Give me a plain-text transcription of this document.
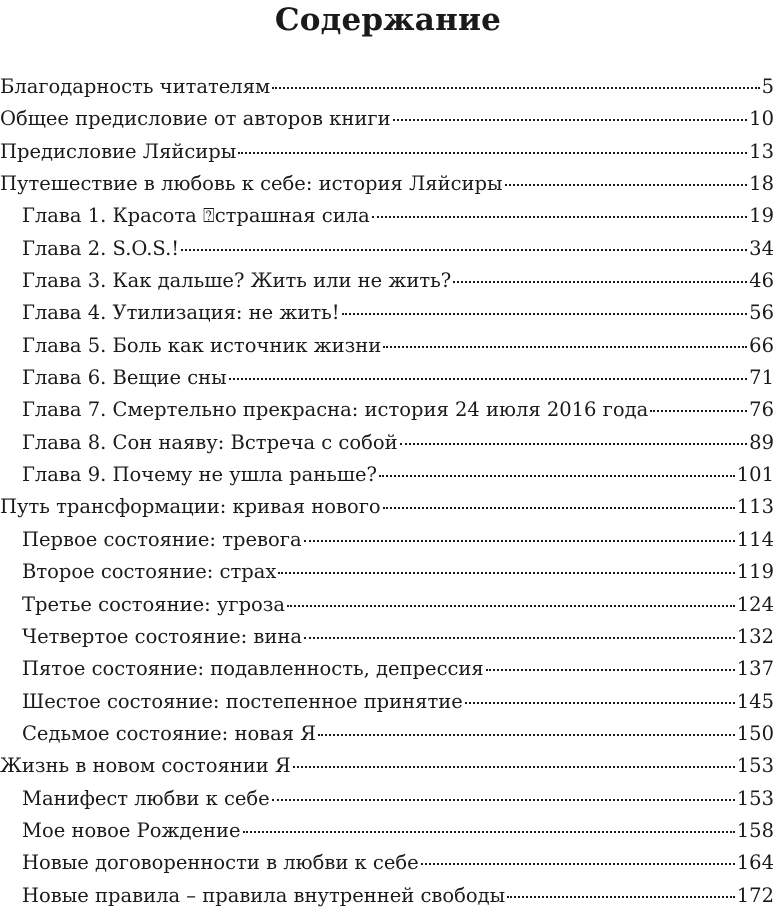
Содержание
Благодарность читателям	5
Общее предисловие от авторов книги	10
Предисловие Ляйсиры	13
Путешествие в любовь к себе: история Ляйсиры	18
Глава 1. Красота ⍰страшная сила	19
Глава 2. S.O.S.!	34
Глава 3. Как дальше? Жить или не жить?	46
Глава 4. Утилизация: не жить!	56
Глава 5. Боль как источник жизни	66
Глава 6. Вещие сны	71
Глава 7. Смертельно прекрасна: история 24 июля 2016 года	76
Глава 8. Сон наяву: Встреча с собой	89
Глава 9. Почему не ушла раньше?	101
Путь трансформации: кривая нового	113
Первое состояние: тревога	114
Второе состояние: страх	119
Третье состояние: угроза	124
Четвертое состояние: вина	132
Пятое состояние: подавленность, депрессия	137
Шестое состояние: постепенное принятие	145
Седьмое состояние: новая Я	150
Жизнь в новом состоянии Я	153
Манифест любви к себе	153
Мое новое Рождение	158
Новые договоренности в любви к себе	164
Новые правила – правила внутренней свободы	172
